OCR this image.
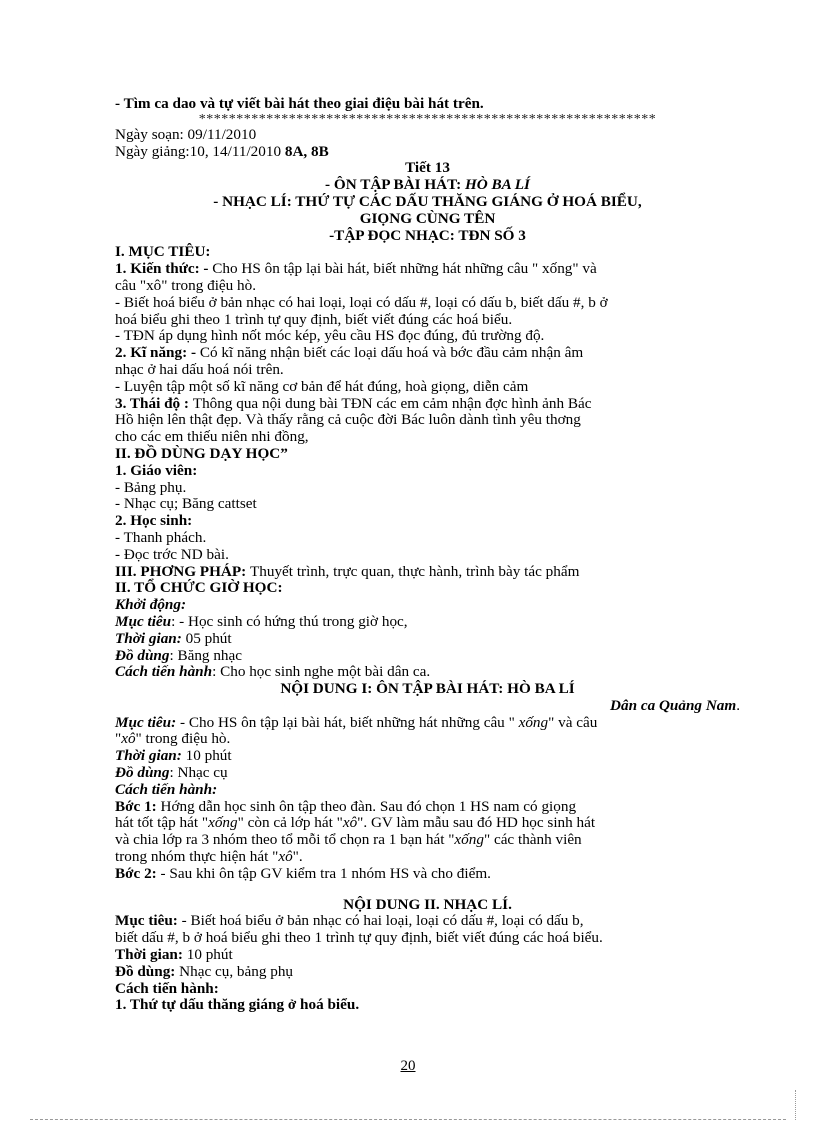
- Tìm ca dao và tự viết bài hát theo giai điệu bài hát trên.
*************************************************************
Ngày soạn: 09/11/2010
Ngày giảng:10, 14/11/2010 8A, 8B
Tiết 13
- ÔN TẬP BÀI HÁT: HÒ BA LÍ
- NHẠC LÍ: THỨ TỰ CÁC DẤU THĂNG GIÁNG Ở HOÁ BIỂU,
GIỌNG CÙNG TÊN
-TẬP ĐỌC NHẠC: TĐN SỐ 3
I. MỤC TIÊU:
1. Kiến thức: - Cho HS ôn tập lại bài hát, biết những hát những câu " xống" và
câu "xô" trong điệu hò.
- Biết hoá biểu ở bản nhạc có hai loại, loại có dấu #, loại có dấu b, biết dấu #, b ở
hoá biểu ghi theo 1 trình tự quy định, biết viết đúng các hoá biểu.
- TĐN áp dụng hình nốt móc kép, yêu cầu HS đọc đúng, đủ trường độ.
2. Kĩ năng: - Có kĩ năng nhận biết các loại dấu hoá và bớc đầu cảm nhận âm
nhạc ở hai dấu hoá nói trên.
- Luyện tập một số kĩ năng cơ bản để hát đúng, hoà giọng, diễn cảm
3. Thái độ : Thông qua nội dung bài TĐN các em cảm nhận đợc hình ảnh Bác
Hồ hiện lên thật đẹp. Và thấy rằng cả cuộc đời Bác luôn dành tình yêu thơng
cho các em thiếu niên nhi đồng,
II. ĐỒ DÙNG DẠY HỌC”
1. Giáo viên:
- Bảng phụ.
- Nhạc cụ; Băng cattset
2. Học sinh:
- Thanh phách.
- Đọc trớc ND bài.
III. PHƠNG PHÁP: Thuyết trình, trực quan, thực hành, trình bày tác phẩm
II. TỔ CHỨC GIỜ HỌC:
Khởi động:
Mục tiêu: - Học sinh có hứng thú trong giờ học,
Thời gian: 05 phút
Đồ dùng: Băng nhạc
Cách tiến hành: Cho học sinh nghe một bài dân ca.
NỘI DUNG I: ÔN TẬP BÀI HÁT: HÒ BA LÍ
Dân ca Quảng Nam.
Mục tiêu: - Cho HS ôn tập lại bài hát, biết những hát những câu " xống" và câu
"xô" trong điệu hò.
Thời gian: 10 phút
Đồ dùng: Nhạc cụ
Cách tiến hành:
Bớc 1: Hớng dẫn học sinh ôn tập theo đàn. Sau đó chọn 1 HS nam có giọng
hát tốt tập hát "xống" còn cả lớp hát "xô". GV làm mẫu sau đó HD học sinh hát
và chia lớp ra 3 nhóm theo tổ mỗi tổ chọn ra 1 bạn hát "xống" các thành viên
trong nhóm thực hiện hát "xô".
Bớc 2: - Sau khi ôn tập GV kiểm tra 1 nhóm HS và cho điểm.
NỘI DUNG II. NHẠC LÍ.
Mục tiêu: - Biết hoá biểu ở bản nhạc có hai loại, loại có dấu #, loại có dấu b,
biết dấu #, b ở hoá biểu ghi theo 1 trình tự quy định, biết viết đúng các hoá biểu.
Thời gian: 10 phút
Đồ dùng: Nhạc cụ, bảng phụ
Cách tiến hành:
1. Thứ tự dấu thăng giáng ở hoá biểu.
20
